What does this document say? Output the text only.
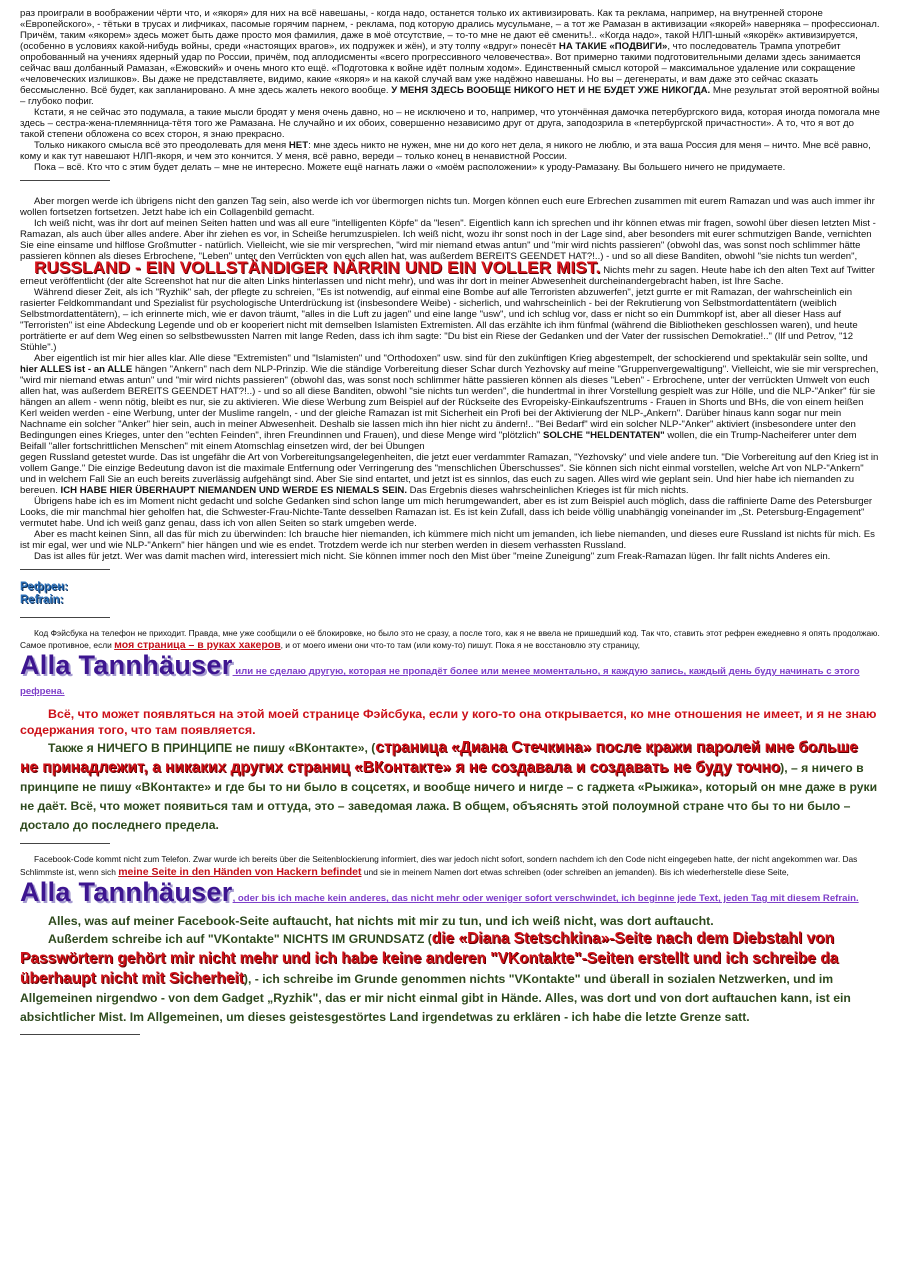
раз проиграли в воображении чёрти что, и «якоря» для них на всё навешаны, - когда надо, останется только их активизировать. Как та реклама, например, на внутренней стороне «Европейского», - тётьки в трусах и лифчиках, пасомые горячим парнем, - реклама, под которую дрались мусульмане, – а тот же Рамазан в активизации «якорей» наверняка – профессионал. Причём, таким «якорем» здесь может быть даже просто моя фамилия, даже в моё отсутствие, – то-то мне не дают её сменить!.. «Когда надо», такой НЛП-шный «якорёк» активизируется, (особенно в условиях какой-нибудь войны, среди «настоящих врагов», их подружек и жён), и эту толпу «вдруг» понесёт НА ТАКИЕ «ПОДВИГИ», что последователь Трампа употребит опробованный на учениях ядерный удар по России, причём, под аплодисменты «всего прогрессивного человечества». Вот примерно такими подготовительными делами здесь занимается сейчас ваш долбанный Рамазан, «Ежовский» и очень много кто ещё. «Подготовка к войне идёт полным ходом». Единственный смысл которой – максимальное удаление или сокращение «человеческих излишков». Вы даже не представляете, видимо, какие «якоря» и на какой случай вам уже надёжно навешаны. Но вы – дегенераты, и вам даже это сейчас сказать бессмысленно. Всё будет, как запланировано. А мне здесь жалеть некого вообще. У МЕНЯ ЗДЕСЬ ВООБЩЕ НИКОГО НЕТ И НЕ БУДЕТ УЖЕ НИКОГДА. Мне результат этой вероятной войны – глубоко пофиг.

Кстати, я не сейчас это подумала, а такие мысли бродят у меня очень давно, но – не исключено и то, например, что утончённая дамочка петербургского вида, которая иногда помогала мне здесь – сестра-жена-племянница-тётя того же Рамазана. Не случайно и их обоих, совершенно независимо друг от друга, заподозрила в «петербургской причастности». А то, что я вот до такой степени обложена со всех сторон, я знаю прекрасно.

Только никакого смысла всё это преодолевать для меня НЕТ: мне здесь никто не нужен, мне ни до кого нет дела, я никого не люблю, и эта ваша Россия для меня – ничто. Мне всё равно, кому и как тут навешают НЛП-якоря, и чем это кончится. У меня, всё равно, вереди – только конец в ненавистной России.

Пока – всё. Кто что с этим будет делать – мне не интересно. Можете ещё нагнать лажи о «моём расположении» к уроду-Рамазану. Вы большего ничего не придумаете.

Aber morgen werde ich übrigens nicht den ganzen Tag sein, also werde ich vor übermorgen nichts tun. Morgen können euch eure Erbrechen zusammen mit eurem Ramazan und was auch immer ihr wollen fortsetzen fortsetzen. Jetzt habe ich ein Collagenbild gemacht.

Ich weiß nicht, was ihr dort auf meinen Seiten hatten und was all eure "intelligenten Köpfe" da "lesen". Eigentlich kann ich sprechen und ihr können etwas mir fragen, sowohl über diesen letzten Mist - Ramazan, als auch über alles andere. Aber ihr ziehen es vor, in Scheiße herumzuspielen. Ich weiß nicht, wozu ihr sonst noch in der Lage sind, aber besonders mit eurer schmutzigen Bande, vernichten Sie eine einsame und hilflose Großmutter - natürlich. Vielleicht, wie sie mir versprechen, "wird mir niemand etwas antun" und "mir wird nichts passieren" (obwohl das, was sonst noch schlimmer hätte passieren können als dieses Erbrochene, "Leben" unter den Verrückten von euch allen hat, was außerdem BEREITS GEENDET HAT?!..) - und so all diese Banditen, obwohl "sie nichts tun werden",

RUSSLAND - EIN VOLLSTÄNDIGER NÄRRIN UND EIN VOLLER MIST. Nichts mehr zu sagen. Heute habe ich den alten Text auf Twitter erneut veröffentlicht (der alte Screenshot hat nur die alten Links hinterlassen und nicht mehr), und was ihr dort in meiner Abwesenheit durcheinandergebracht haben, ist Ihre Sache.

Während dieser Zeit, als ich "Ryzhik" sah, der pflegte zu schreien, "Es ist notwendig, auf einmal eine Bombe auf alle Terroristen abzuwerfen", jetzt gurrte er mit Ramazan, der wahrscheinlich ein rasierter Feldkommandant und Spezialist für psychologische Unterdrückung ist (insbesondere Weibe) - sicherlich, und wahrscheinlich - bei der Rekrutierung von Selbstmordattentätern (weiblich Selbstmordattentätern), – ich erinnerte mich, wie er davon träumt, "alles in die Luft zu jagen" und eine lange "usw", und ich schlug vor, dass er nicht so ein Dummkopf ist, aber all dieser Hass auf "Terroristen" ist eine Abdeckung Legende und ob er kooperiert nicht mit demselben Islamisten Extremisten. All das erzählte ich ihm fünfmal (während die Bibliotheken geschlossen waren), und heute porträtierte er auf dem Weg einen so selbstbewussten Narren mit lange Reden, dass ich ihm sagte: "Du bist ein Riese der Gedanken und der Vater der russischen Demokratie!.." (Ilf und Petrov, "12 Stühle".)

Aber eigentlich ist mir hier alles klar. Alle diese "Extremisten" und "Islamisten" und "Orthodoxen" usw. sind für den zukünftigen Krieg abgestempelt, der schockierend und spektakulär sein sollte, und hier ALLES ist - an ALLE hängen "Ankern" nach dem NLP-Prinzip. Wie die ständige Vorbereitung dieser Schar durch Yezhovsky auf meine "Gruppenvergewaltigung". Vielleicht, wie sie mir versprechen, "wird mir niemand etwas antun" und "mir wird nichts passieren" (obwohl das, was sonst noch schlimmer hätte passieren können als dieses "Leben" - Erbrochene, unter der verrückten Umwelt von euch allen hat, was außerdem BEREITS GEENDET HAT?!..) - und so all diese Banditen, obwohl "sie nichts tun werden", die hundertmal in ihrer Vorstellung gespielt was zur Hölle, und die NLP-"Anker" für sie hängen an allem - wenn nötig, bleibt es nur, sie zu aktivieren. Wie diese Werbung zum Beispiel auf der Rückseite des Evropeisky-Einkaufszentrums - Frauen in Shorts und BHs, die von einem heißen Kerl weiden werden - eine Werbung, unter der Muslime rangeln, - und der gleiche Ramazan ist mit Sicherheit ein Profi bei der Aktivierung der NLP-„Ankern". Darüber hinaus kann sogar nur mein Nachname ein solcher "Anker" hier sein, auch in meiner Abwesenheit. Deshalb sie lassen mich ihn hier nicht zu ändern!.. "Bei Bedarf" wird ein solcher NLP-"Anker" aktiviert (insbesondere unter den Bedingungen eines Krieges, unter den "echten Feinden", ihren Freundinnen und Frauen), und diese Menge wird "plötzlich" SOLCHE "HELDENTATEN" wollen, die ein Trump-Nacheiferer unter dem Beifall "aller fortschrittlichen Menschen" mit einem Atomschlag einsetzen wird, der bei Übungen

gegen Russland getestet wurde. Das ist ungefähr die Art von Vorbereitungsangelegenheiten, die jetzt euer verdammter Ramazan, "Yezhovsky" und viele andere tun. "Die Vorbereitung auf den Krieg ist in vollem Gange." Die einzige Bedeutung davon ist die maximale Entfernung oder Verringerung des "menschlichen Überschusses". Sie können sich nicht einmal vorstellen, welche Art von NLP-"Ankern" und in welchem Fall Sie an euch bereits zuverlässig aufgehängt sind. Aber Sie sind entartet, und jetzt ist es sinnlos, das euch zu sagen. Alles wird wie geplant sein. Und hier habe ich niemanden zu bereuen. ICH HABE HIER ÜBERHAUPT NIEMANDEN UND WERDE ES NIEMALS SEIN. Das Ergebnis dieses wahrscheinlichen Krieges ist für mich nichts.

Übrigens habe ich es im Moment nicht gedacht und solche Gedanken sind schon lange um mich herumgewandert, aber es ist zum Beispiel auch möglich, dass die raffinierte Dame des Petersburger Looks, die mir manchmal hier geholfen hat, die Schwester-Frau-Nichte-Tante desselben Ramazan ist. Es ist kein Zufall, dass ich beide völlig unabhängig voneinander im „St. Petersburg-Engagement" vermutet habe. Und ich weiß ganz genau, dass ich von allen Seiten so stark umgeben werde.

Aber es macht keinen Sinn, all das für mich zu überwinden: Ich brauche hier niemanden, ich kümmere mich nicht um jemanden, ich liebe niemanden, und dieses eure Russland ist nichts für mich. Es ist mir egal, wer und wie NLP-"Ankern" hier hängen und wie es endet. Trotzdem werde ich nur sterben werden in diesem verhassten Russland.

Das ist alles für jetzt. Wer was damit machen wird, interessiert mich nicht. Sie können immer noch den Mist über "meine Zuneigung" zum Freak-Ramazan lügen. Ihr fallt nichts Anderes ein.

Рефрен:

Refrain:

Код Фэйсбука на телефон не приходит. Правда, мне уже сообщили о её блокировке, но было это не сразу, а после того, как я не ввела не пришедший код. Так что, ставить этот рефрен ежедневно я опять продолжаю. Самое противное, если моя страница – в руках хакеров, и от моего имени они что-то там (или кому-то) пишут. Пока я не восстановлю эту страницу,

Alla Tannhäuser или не сделаю другую, которая не пропадёт более или менее моментально, я каждую запись, каждый день буду начинать с этого рефрена.

Всё, что может появляться на этой моей странице Фэйсбука, если у кого-то она открывается, ко мне отношения не имеет, и я не знаю содержания того, что там появляется.

Также я НИЧЕГО В ПРИНЦИПЕ не пишу «ВКонтакте», (страница «Диана Стечкина» после кражи паролей мне больше не принадлежит, а никаких других страниц «ВКонтакте» я не создавала и создавать не буду точно), – я ничего в принципе не пишу «ВКонтакте» и где бы то ни было в соцсетях, и вообще ничего и нигде – с гаджета «Рыжика», который он мне даже в руки не даёт. Всё, что может появиться там и оттуда, это – заведомая лажа. В общем, объяснять этой полоумной стране что бы то ни было – достало до последнего предела.

Facebook-Code kommt nicht zum Telefon. Zwar wurde ich bereits über die Seitenblockierung informiert, dies war jedoch nicht sofort, sondern nachdem ich den Code nicht eingegeben hatte, der nicht angekommen war. Das Schlimmste ist, wenn sich meine Seite in den Händen von Hackern befindet und sie in meinem Namen dort etwas schreiben (oder schreiben an jemanden). Bis ich wiederherstelle diese Seite,

Alla Tannhäuser, oder bis ich mache kein anderes, das nicht mehr oder weniger sofort verschwindet, ich beginne jede Text, jeden Tag mit diesem Refrain.

Alles, was auf meiner Facebook-Seite auftaucht, hat nichts mit mir zu tun, und ich weiß nicht, was dort auftaucht.

Außerdem schreibe ich auf "VKontakte" NICHTS IM GRUNDSATZ (die «Diana Stetschkina»-Seite nach dem Diebstahl von Passwörtern gehört mir nicht mehr und ich habe keine anderen "VKontakte"-Seiten erstellt und ich schreibe da überhaupt nicht mit Sicherheit), - ich schreibe im Grunde genommen nichts "VKontakte" und überall in sozialen Netzwerken, und im Allgemeinen nirgendwo - von dem Gadget „Ryzhik", das er mir nicht einmal gibt in Hände. Alles, was dort und von dort auftauchen kann, ist ein absichtlicher Mist. Im Allgemeinen, um dieses geistesgestörtes Land irgendetwas zu erklären - ich habe die letzte Grenze satt.
